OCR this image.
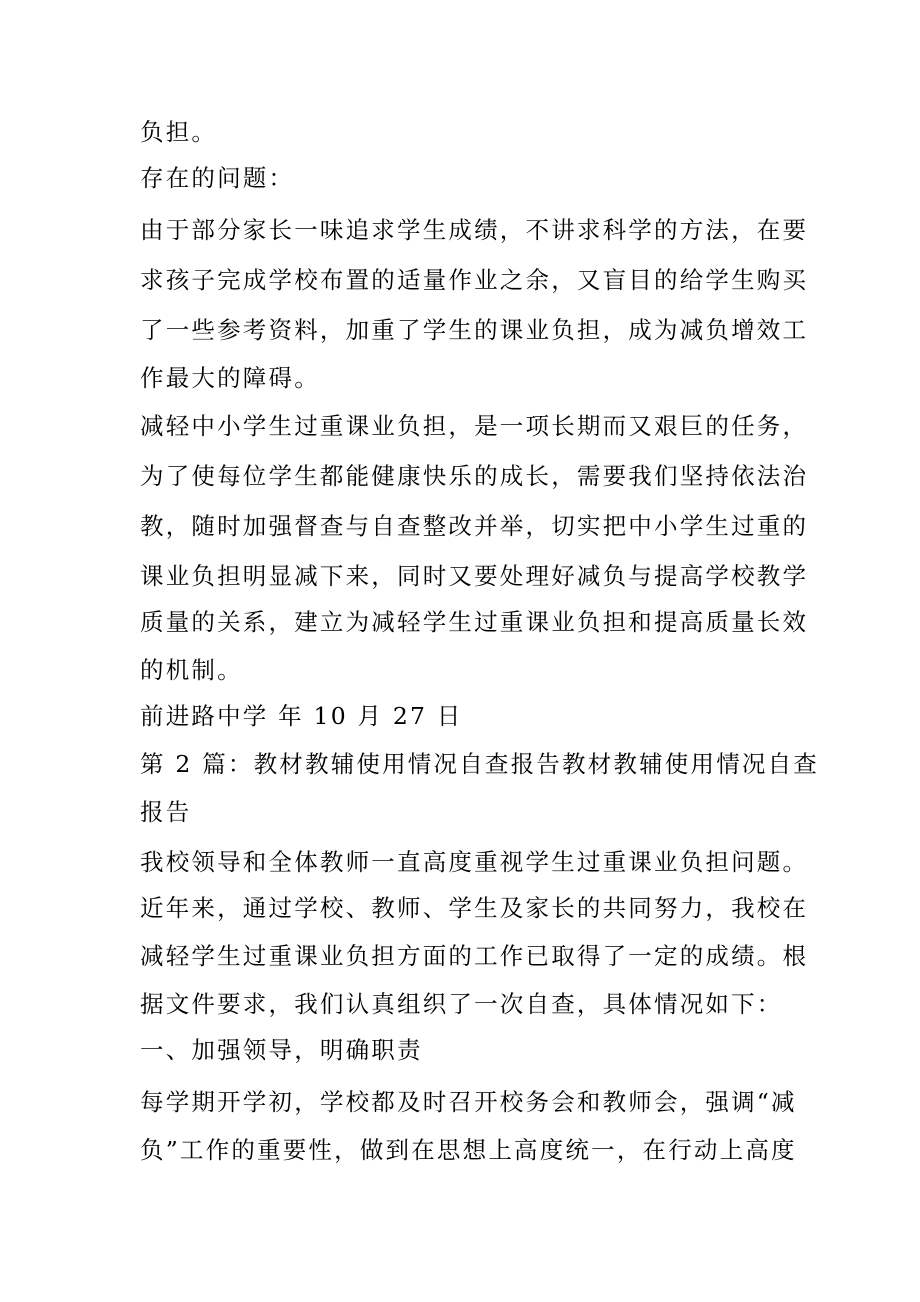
负担。
存在的问题：
由于部分家长一味追求学生成绩，不讲求科学的方法，在要
求孩子完成学校布置的适量作业之余，又盲目的给学生购买
了一些参考资料，加重了学生的课业负担，成为减负增效工
作最大的障碍。
减轻中小学生过重课业负担，是一项长期而又艰巨的任务，
为了使每位学生都能健康快乐的成长，需要我们坚持依法治
教，随时加强督查与自查整改并举，切实把中小学生过重的
课业负担明显减下来，同时又要处理好减负与提高学校教学
质量的关系，建立为减轻学生过重课业负担和提高质量长效
的机制。
前进路中学 年 10 月 27 日
第 2 篇：教材教辅使用情况自查报告教材教辅使用情况自查
报告
我校领导和全体教师一直高度重视学生过重课业负担问题。
近年来，通过学校、教师、学生及家长的共同努力，我校在
减轻学生过重课业负担方面的工作已取得了一定的成绩。根
据文件要求，我们认真组织了一次自查，具体情况如下：
一、加强领导，明确职责
每学期开学初，学校都及时召开校务会和教师会，强调“减
负”工作的重要性，做到在思想上高度统一，在行动上高度
